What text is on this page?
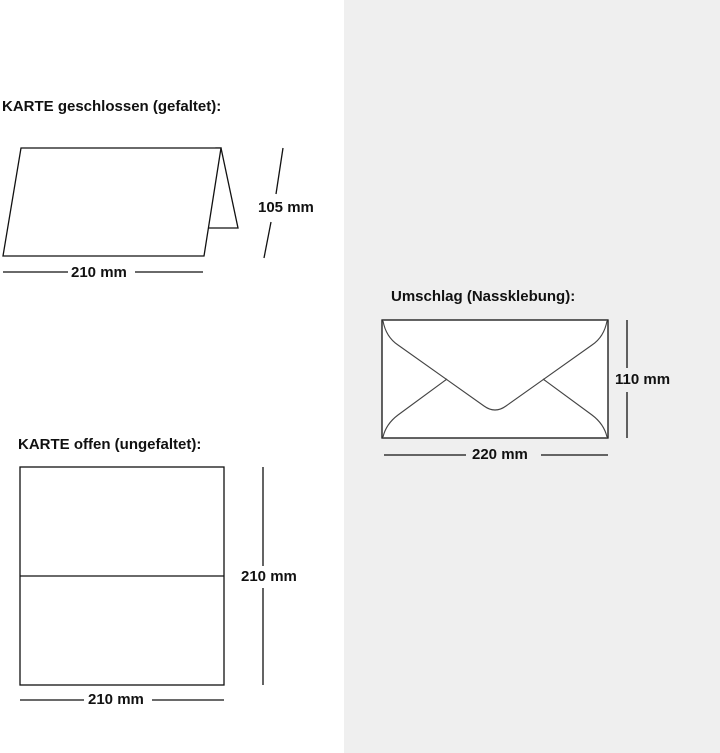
KARTE geschlossen (gefaltet):
210 mm
105 mm
KARTE offen (ungefaltet):
210 mm
210 mm
Umschlag (Nassklebung):
220 mm
110 mm
